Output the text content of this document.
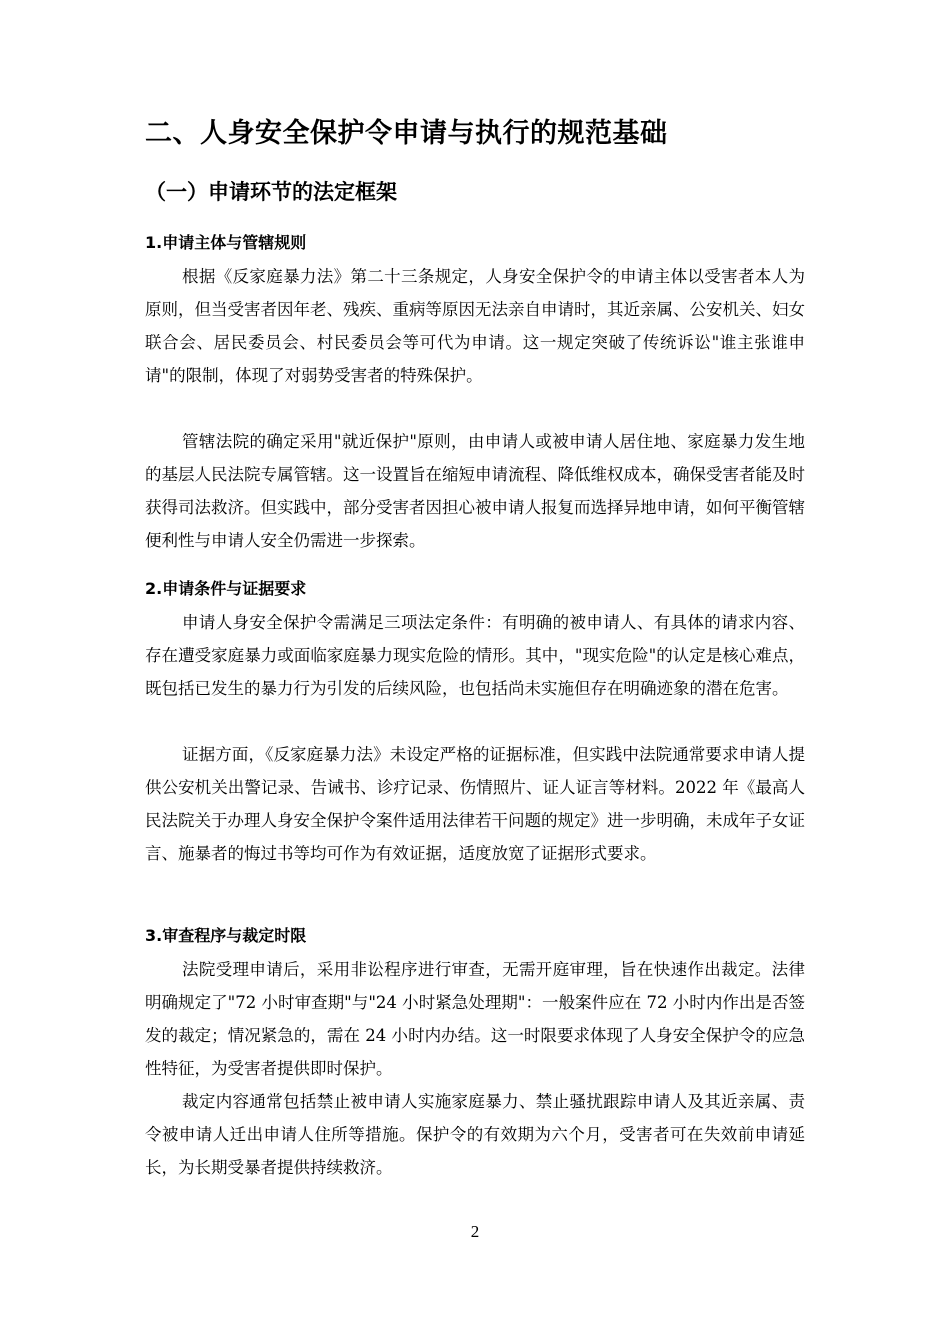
二、人身安全保护令申请与执行的规范基础
（一）申请环节的法定框架
1.申请主体与管辖规则

根据《反家庭暴力法》第二十三条规定，人身安全保护令的申请主体以受害者本人为原则，但当受害者因年老、残疾、重病等原因无法亲自申请时，其近亲属、公安机关、妇女联合会、居民委员会、村民委员会等可代为申请。这一规定突破了传统诉讼"谁主张谁申请"的限制，体现了对弱势受害者的特殊保护。

管辖法院的确定采用"就近保护"原则，由申请人或被申请人居住地、家庭暴力发生地的基层人民法院专属管辖。这一设置旨在缩短申请流程、降低维权成本，确保受害者能及时获得司法救济。但实践中，部分受害者因担心被申请人报复而选择异地申请，如何平衡管辖便利性与申请人安全仍需进一步探索。

2.申请条件与证据要求

申请人身安全保护令需满足三项法定条件：有明确的被申请人、有具体的请求内容、存在遭受家庭暴力或面临家庭暴力现实危险的情形。其中，"现实危险"的认定是核心难点，既包括已发生的暴力行为引发的后续风险，也包括尚未实施但存在明确迹象的潜在危害。

证据方面，《反家庭暴力法》未设定严格的证据标准，但实践中法院通常要求申请人提供公安机关出警记录、告诫书、诊疗记录、伤情照片、证人证言等材料。2022 年《最高人民法院关于办理人身安全保护令案件适用法律若干问题的规定》进一步明确，未成年子女证言、施暴者的悔过书等均可作为有效证据，适度放宽了证据形式要求。

3.审查程序与裁定时限

法院受理申请后，采用非讼程序进行审查，无需开庭审理，旨在快速作出裁定。法律明确规定了"72 小时审查期"与"24 小时紧急处理期"：一般案件应在 72 小时内作出是否签发的裁定；情况紧急的，需在 24 小时内办结。这一时限要求体现了人身安全保护令的应急性特征，为受害者提供即时保护。

裁定内容通常包括禁止被申请人实施家庭暴力、禁止骚扰跟踪申请人及其近亲属、责令被申请人迁出申请人住所等措施。保护令的有效期为六个月，受害者可在失效前申请延长，为长期受暴者提供持续救济。

2
